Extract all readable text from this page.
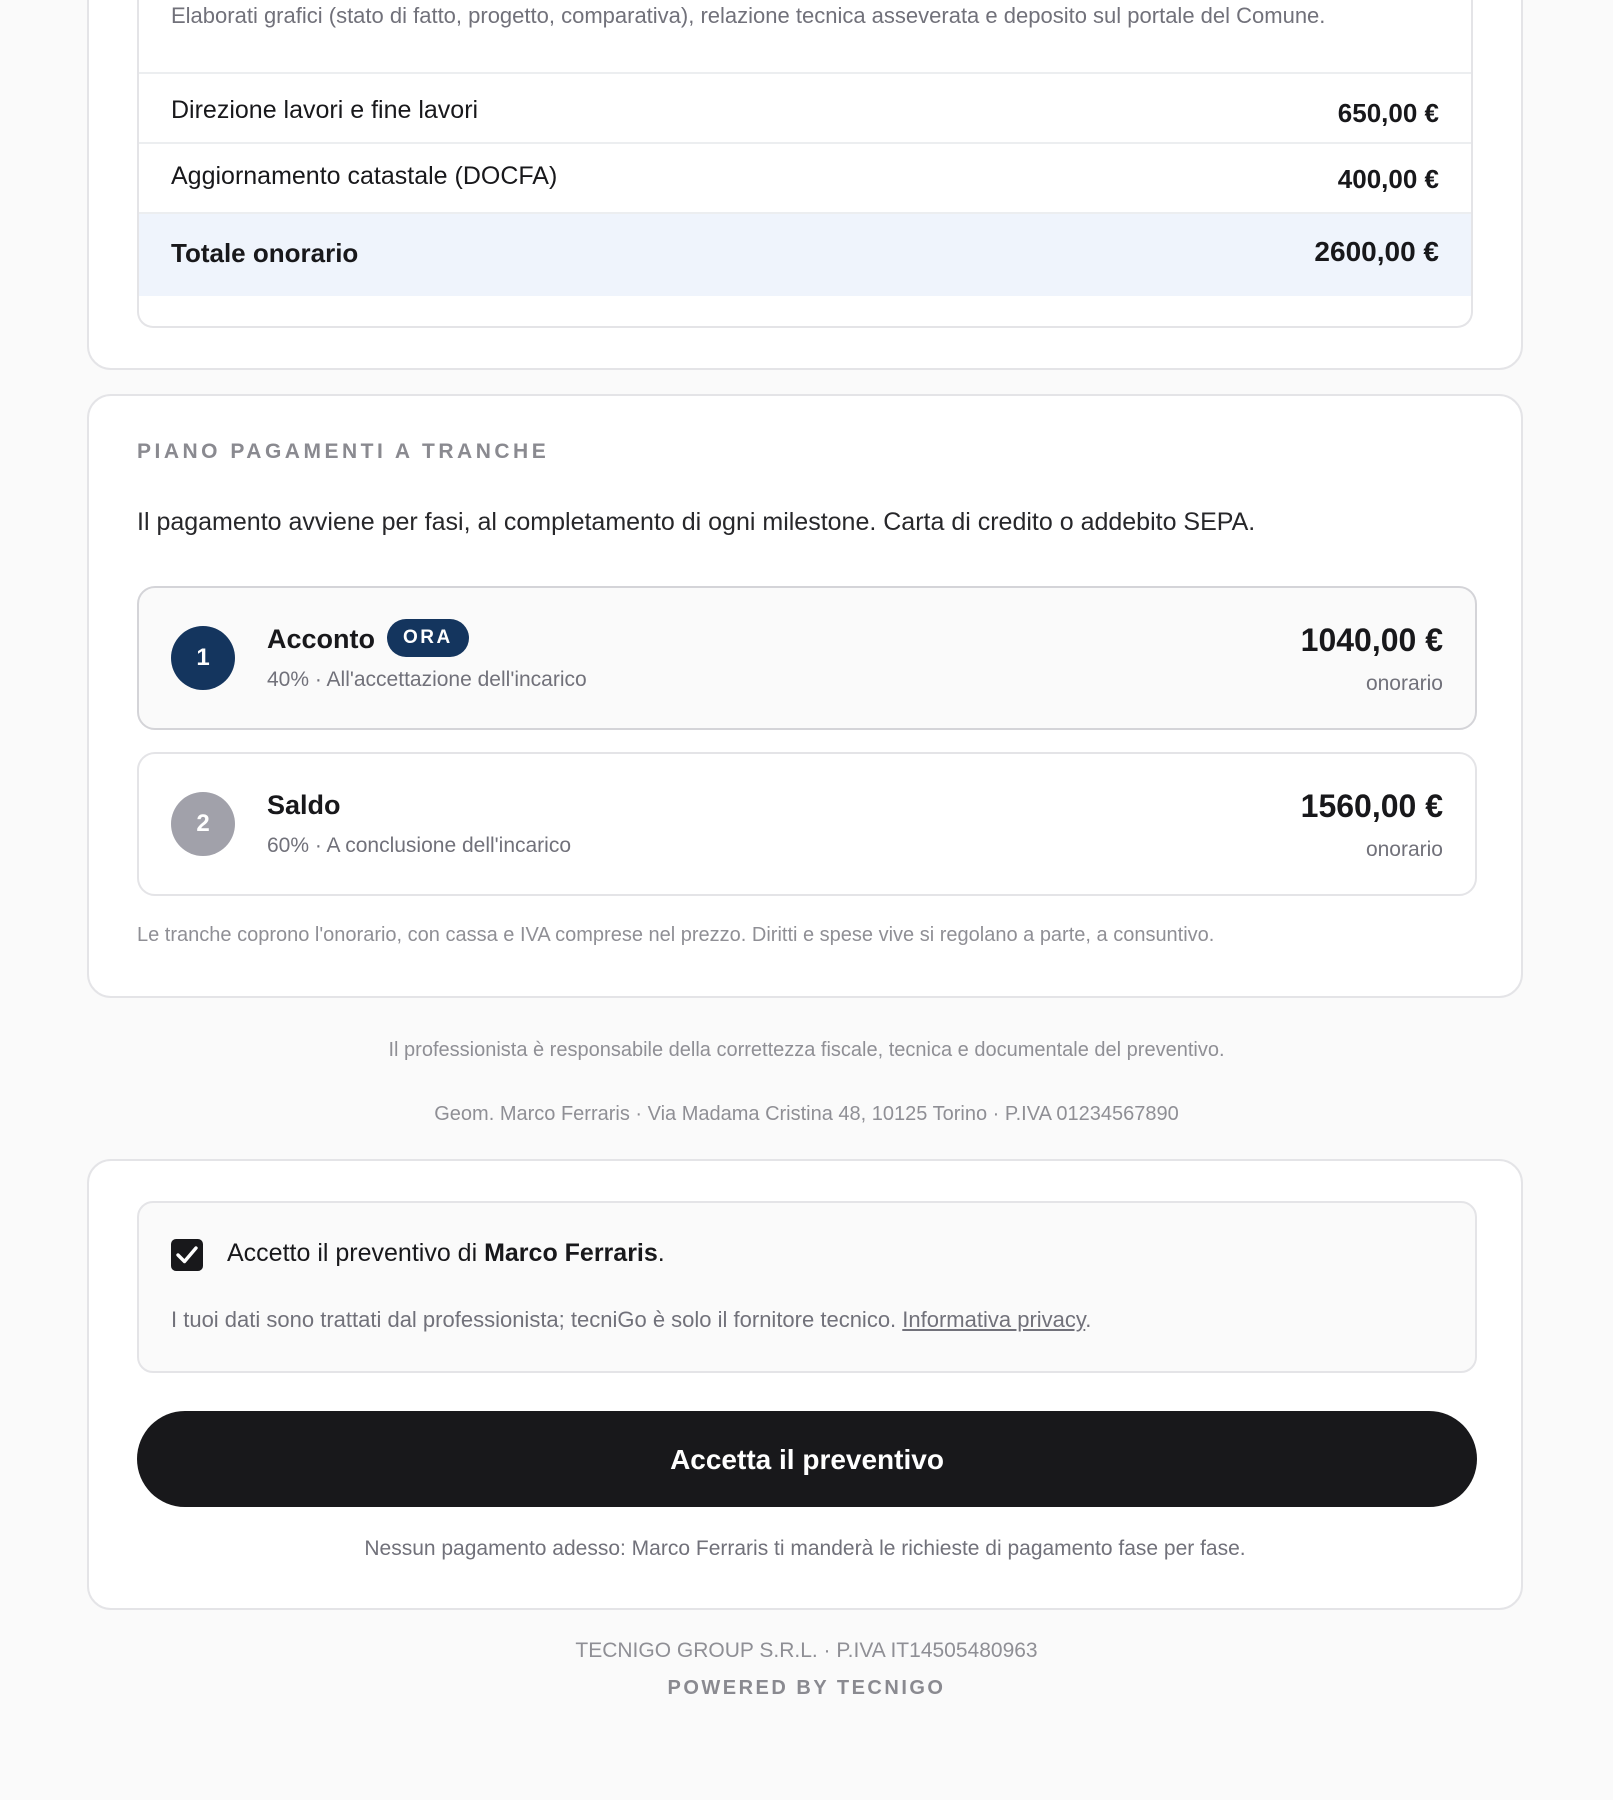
Elaborati grafici (stato di fatto, progetto, comparativa), relazione tecnica asseverata e deposito sul portale del Comune.
Direzione lavori e fine lavori	650,00 €
Aggiornamento catastale (DOCFA)	400,00 €
Totale onorario	2600,00 €
PIANO PAGAMENTI A TRANCHE
Il pagamento avviene per fasi, al completamento di ogni milestone. Carta di credito o addebito SEPA.
1
Acconto	ORA
40% · All'accettazione dell'incarico
1040,00 €
onorario
2
Saldo
60% · A conclusione dell'incarico
1560,00 €
onorario
Le tranche coprono l'onorario, con cassa e IVA comprese nel prezzo. Diritti e spese vive si regolano a parte, a consuntivo.
Il professionista è responsabile della correttezza fiscale, tecnica e documentale del preventivo.
Geom. Marco Ferraris · Via Madama Cristina 48, 10125 Torino · P.IVA 01234567890
Accetto il preventivo di Marco Ferraris.
I tuoi dati sono trattati dal professionista; tecniGo è solo il fornitore tecnico. Informativa privacy.
Accetta il preventivo
Nessun pagamento adesso: Marco Ferraris ti manderà le richieste di pagamento fase per fase.
TECNIGO GROUP S.R.L. · P.IVA IT14505480963
POWERED BY TECNIGO
